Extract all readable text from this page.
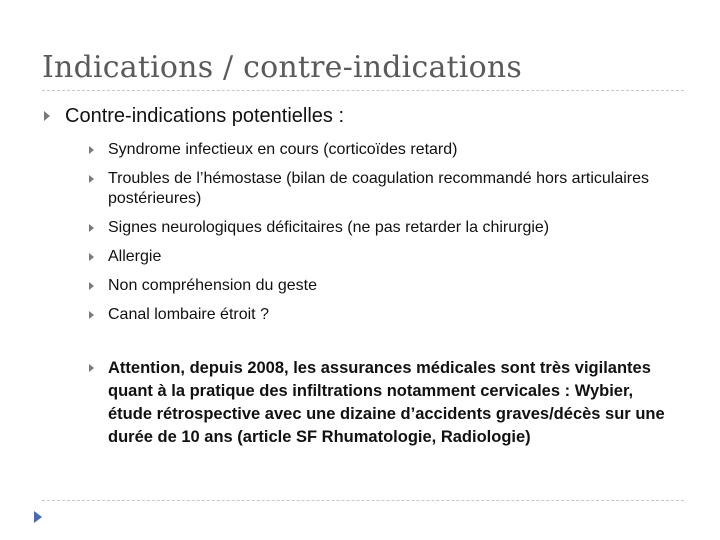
Indications / contre-indications
Contre-indications potentielles :
Syndrome infectieux en cours (corticoïdes retard)
Troubles de l’hémostase (bilan de coagulation recommandé hors articulaires postérieures)
Signes neurologiques déficitaires (ne pas retarder la chirurgie)
Allergie
Non compréhension du geste
Canal lombaire étroit ?
Attention, depuis 2008, les assurances médicales sont très vigilantes quant à la pratique des infiltrations notamment cervicales : Wybier, étude rétrospective avec une dizaine d’accidents graves/décès sur une durée de 10 ans (article SF Rhumatologie, Radiologie)
